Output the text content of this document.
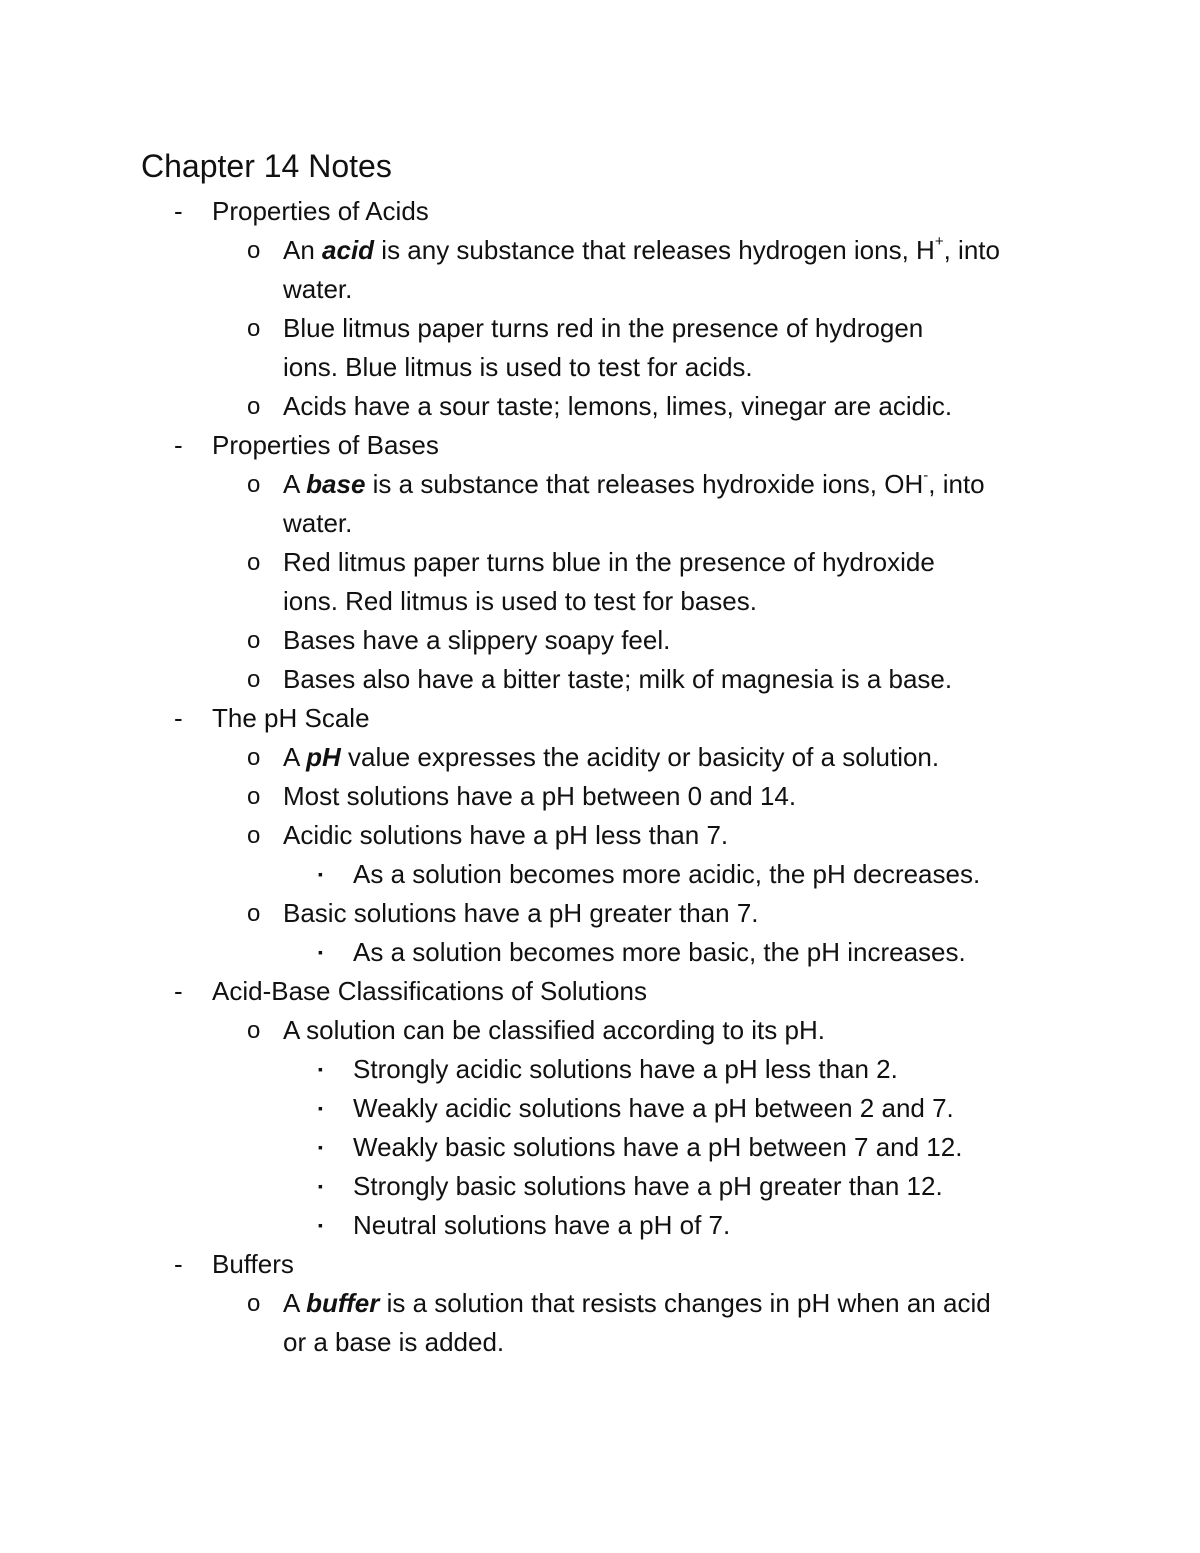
Chapter 14 Notes
- Properties of Acids
o An acid is any substance that releases hydrogen ions, H+, into
water.
o Blue litmus paper turns red in the presence of hydrogen
ions. Blue litmus is used to test for acids.
o Acids have a sour taste; lemons, limes, vinegar are acidic.
- Properties of Bases
o A base is a substance that releases hydroxide ions, OH-, into
water.
o Red litmus paper turns blue in the presence of hydroxide
ions. Red litmus is used to test for bases.
o Bases have a slippery soapy feel.
o Bases also have a bitter taste; milk of magnesia is a base.
- The pH Scale
o A pH value expresses the acidity or basicity of a solution.
o Most solutions have a pH between 0 and 14.
o Acidic solutions have a pH less than 7.
▪ As a solution becomes more acidic, the pH decreases.
o Basic solutions have a pH greater than 7.
▪ As a solution becomes more basic, the pH increases.
- Acid-Base Classifications of Solutions
o A solution can be classified according to its pH.
▪ Strongly acidic solutions have a pH less than 2.
▪ Weakly acidic solutions have a pH between 2 and 7.
▪ Weakly basic solutions have a pH between 7 and 12.
▪ Strongly basic solutions have a pH greater than 12.
▪ Neutral solutions have a pH of 7.
- Buffers
o A buffer is a solution that resists changes in pH when an acid
or a base is added.
